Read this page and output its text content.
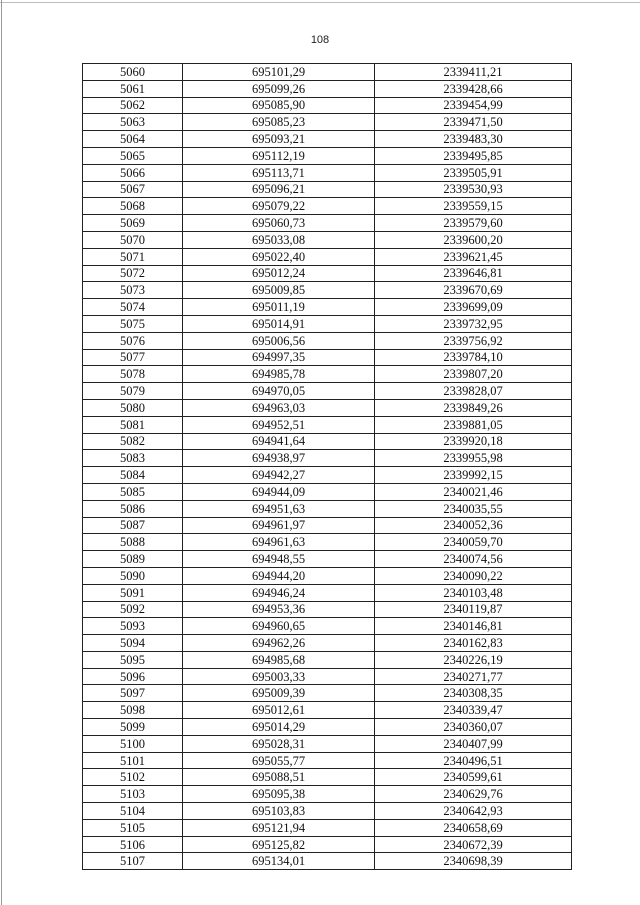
108
5060	695101,29	2339411,21
5061	695099,26	2339428,66
5062	695085,90	2339454,99
5063	695085,23	2339471,50
5064	695093,21	2339483,30
5065	695112,19	2339495,85
5066	695113,71	2339505,91
5067	695096,21	2339530,93
5068	695079,22	2339559,15
5069	695060,73	2339579,60
5070	695033,08	2339600,20
5071	695022,40	2339621,45
5072	695012,24	2339646,81
5073	695009,85	2339670,69
5074	695011,19	2339699,09
5075	695014,91	2339732,95
5076	695006,56	2339756,92
5077	694997,35	2339784,10
5078	694985,78	2339807,20
5079	694970,05	2339828,07
5080	694963,03	2339849,26
5081	694952,51	2339881,05
5082	694941,64	2339920,18
5083	694938,97	2339955,98
5084	694942,27	2339992,15
5085	694944,09	2340021,46
5086	694951,63	2340035,55
5087	694961,97	2340052,36
5088	694961,63	2340059,70
5089	694948,55	2340074,56
5090	694944,20	2340090,22
5091	694946,24	2340103,48
5092	694953,36	2340119,87
5093	694960,65	2340146,81
5094	694962,26	2340162,83
5095	694985,68	2340226,19
5096	695003,33	2340271,77
5097	695009,39	2340308,35
5098	695012,61	2340339,47
5099	695014,29	2340360,07
5100	695028,31	2340407,99
5101	695055,77	2340496,51
5102	695088,51	2340599,61
5103	695095,38	2340629,76
5104	695103,83	2340642,93
5105	695121,94	2340658,69
5106	695125,82	2340672,39
5107	695134,01	2340698,39
